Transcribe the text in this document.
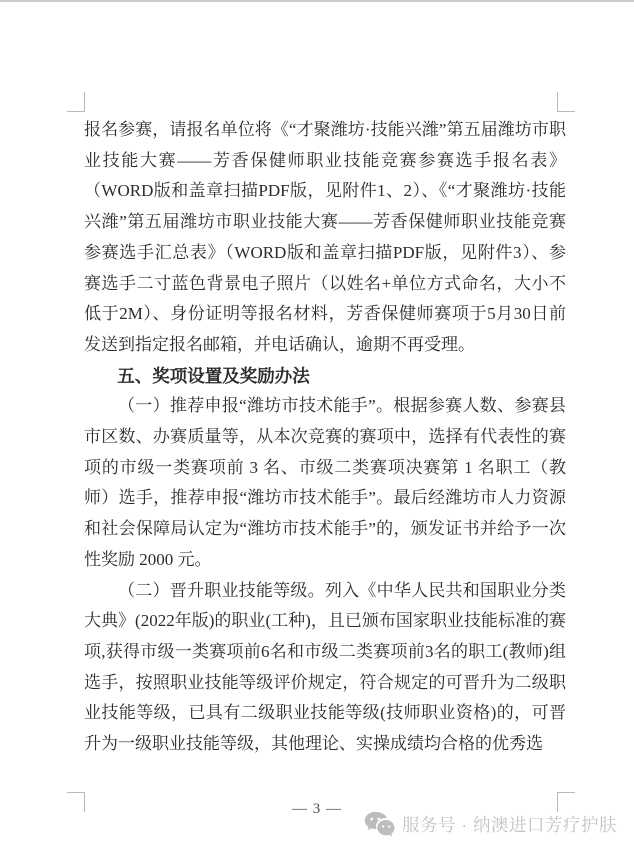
报名参赛，请报名单位将《“才聚潍坊·技能兴潍”第五届潍坊市职业技能大赛——芳香保健师职业技能竞赛参赛选手报名表》（WORD版和盖章扫描PDF版，见附件1、2）、《“才聚潍坊·技能兴潍”第五届潍坊市职业技能大赛——芳香保健师职业技能竞赛参赛选手汇总表》（WORD版和盖章扫描PDF版，见附件3）、参赛选手二寸蓝色背景电子照片（以姓名+单位方式命名，大小不低于2M）、身份证明等报名材料，芳香保健师赛项于5月30日前发送到指定报名邮箱，并电话确认，逾期不再受理。

五、奖项设置及奖励办法

（一）推荐申报“潍坊市技术能手”。根据参赛人数、参赛县市区数、办赛质量等，从本次竞赛的赛项中，选择有代表性的赛项的市级一类赛项前 3 名、市级二类赛项决赛第 1 名职工（教师）选手，推荐申报“潍坊市技术能手”。最后经潍坊市人力资源和社会保障局认定为“潍坊市技术能手”的，颁发证书并给予一次性奖励 2000 元。

（二）晋升职业技能等级。列入《中华人民共和国职业分类大典》(2022年版)的职业(工种)，且已颁布国家职业技能标准的赛项,获得市级一类赛项前6名和市级二类赛项前3名的职工(教师)组选手，按照职业技能等级评价规定，符合规定的可晋升为二级职业技能等级，已具有二级职业技能等级(技师职业资格)的，可晋升为一级职业技能等级，其他理论、实操成绩均合格的优秀选

— 3 —
服务号 · 纳澳进口芳疗护肤
